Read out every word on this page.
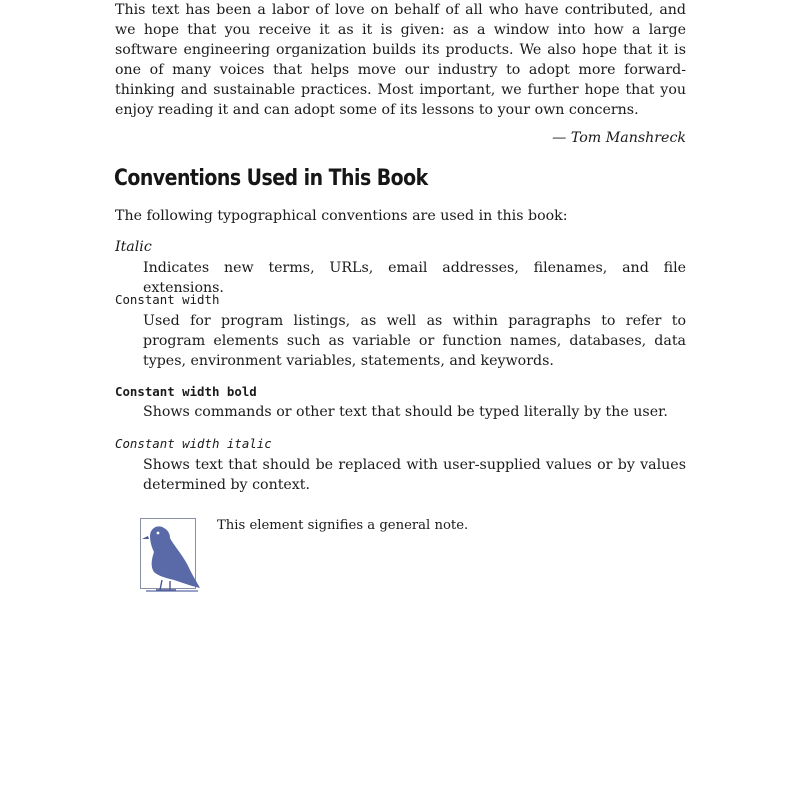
This text has been a labor of love on behalf of all who have contributed, and we hope that you receive it as it is given: as a window into how a large software engineering organization builds its products. We also hope that it is one of many voices that helps move our industry to adopt more forward-thinking and sustainable practices. Most important, we further hope that you enjoy reading it and can adopt some of its lessons to your own concerns.

— Tom Manshreck
Conventions Used in This Book

The following typographical conventions are used in this book:

Italic

Indicates new terms, URLs, email addresses, filenames, and file extensions.

Constant width

Used for program listings, as well as within paragraphs to refer to program elements such as variable or function names, databases, data types, environment variables, statements, and keywords.

Constant width bold

Shows commands or other text that should be typed literally by the user.

Constant width italic

Shows text that should be replaced with user-supplied values or by values determined by context.

This element signifies a general note.
